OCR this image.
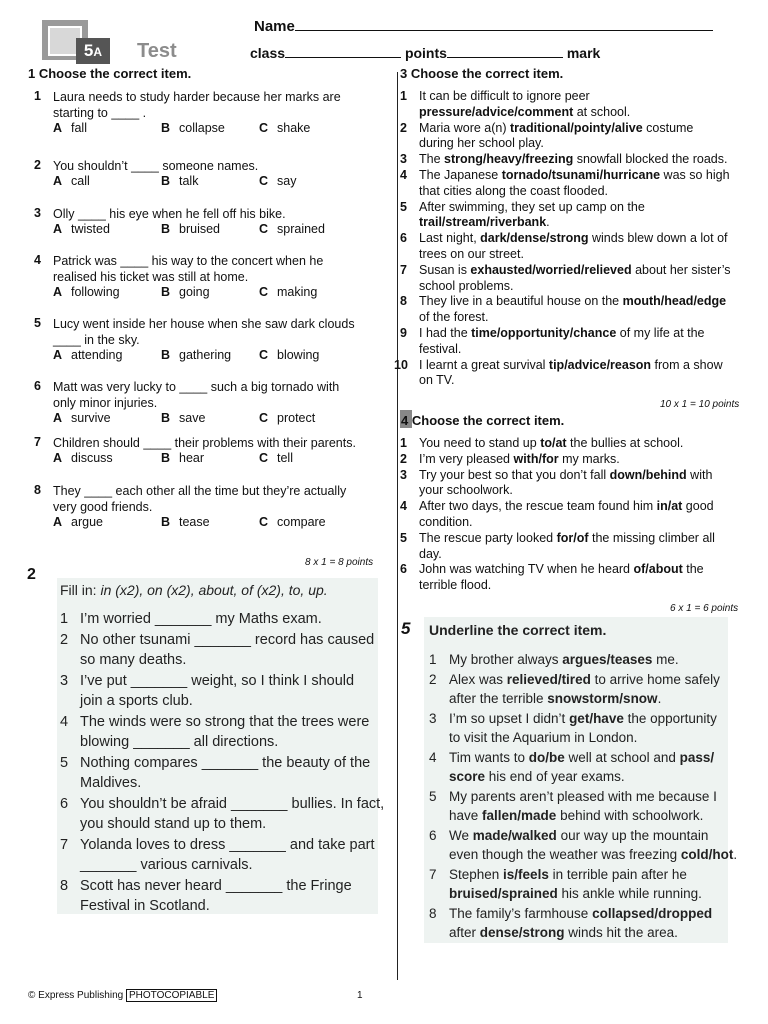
5A	Test
Name
class	points	mark
1 Choose the correct item.
1 Laura needs to study harder because her marks are
starting to ____ .
A fall	B collapse	C shake
2 You shouldn’t ____ someone names.
A call	B talk	C say
3 Olly ____ his eye when he fell off his bike.
A twisted	B bruised	C sprained
4 Patrick was ____ his way to the concert when he
realised his ticket was still at home.
A following	B going	C making
5 Lucy went inside her house when she saw dark clouds
____ in the sky.
A attending	B gathering C blowing
6 Matt was very lucky to ____ such a big tornado with
only minor injuries.
A survive	B save	C protect
7 Children should ____ their problems with their parents.
A discuss	B hear	C tell
8 They ____ each other all the time but they’re actually
very good friends.
A argue	B tease	C compare
8 x 1 = 8 points
2
Fill in: in (x2), on (x2), about, of (x2), to, up.
1 I’m worried _______ my Maths exam.
2 No other tsunami _______ record has caused
so many deaths.
3 I’ve put _______ weight, so I think I should
join a sports club.
4 The winds were so strong that the trees were
blowing _______ all directions.
5 Nothing compares _______ the beauty of the
Maldives.
6 You shouldn’t be afraid _______ bullies. In fact,
you should stand up to them.
7 Yolanda loves to dress _______ and take part
_______ various carnivals.
8 Scott has never heard _______ the Fringe
Festival in Scotland.
3 Choose the correct item.
1 It can be difficult to ignore peer
pressure/advice/comment at school.
2 Maria wore a(n) traditional/pointy/alive costume
during her school play.
3 The strong/heavy/freezing snowfall blocked the roads.
4 The Japanese tornado/tsunami/hurricane was so high
that cities along the coast flooded.
5 After swimming, they set up camp on the
trail/stream/riverbank.
6 Last night, dark/dense/strong winds blew down a lot of
trees on our street.
7 Susan is exhausted/worried/relieved about her sister’s
school problems.
8 They live in a beautiful house on the mouth/head/edge
of the forest.
9 I had the time/opportunity/chance of my life at the
festival.
10 I learnt a great survival tip/advice/reason from a show
on TV.
10 x 1 = 10 points
4 Choose the correct item.
1 You need to stand up to/at the bullies at school.
2 I’m very pleased with/for my marks.
3 Try your best so that you don’t fall down/behind with
your schoolwork.
4 After two days, the rescue team found him in/at good
condition.
5 The rescue party looked for/of the missing climber all
day.
6 John was watching TV when he heard of/about the
terrible flood.
6 x 1 = 6 points
5 Underline the correct item.
1 My brother always argues/teases me.
2 Alex was relieved/tired to arrive home safely
after the terrible snowstorm/snow.
3 I’m so upset I didn’t get/have the opportunity
to visit the Aquarium in London.
4 Tim wants to do/be well at school and pass/
score his end of year exams.
5 My parents aren’t pleased with me because I
have fallen/made behind with schoolwork.
6 We made/walked our way up the mountain
even though the weather was freezing cold/hot.
7 Stephen is/feels in terrible pain after he
bruised/sprained his ankle while running.
8 The family’s farmhouse collapsed/dropped
after dense/strong winds hit the area.
© Express Publishing PHOTOCOPIABLE	1
